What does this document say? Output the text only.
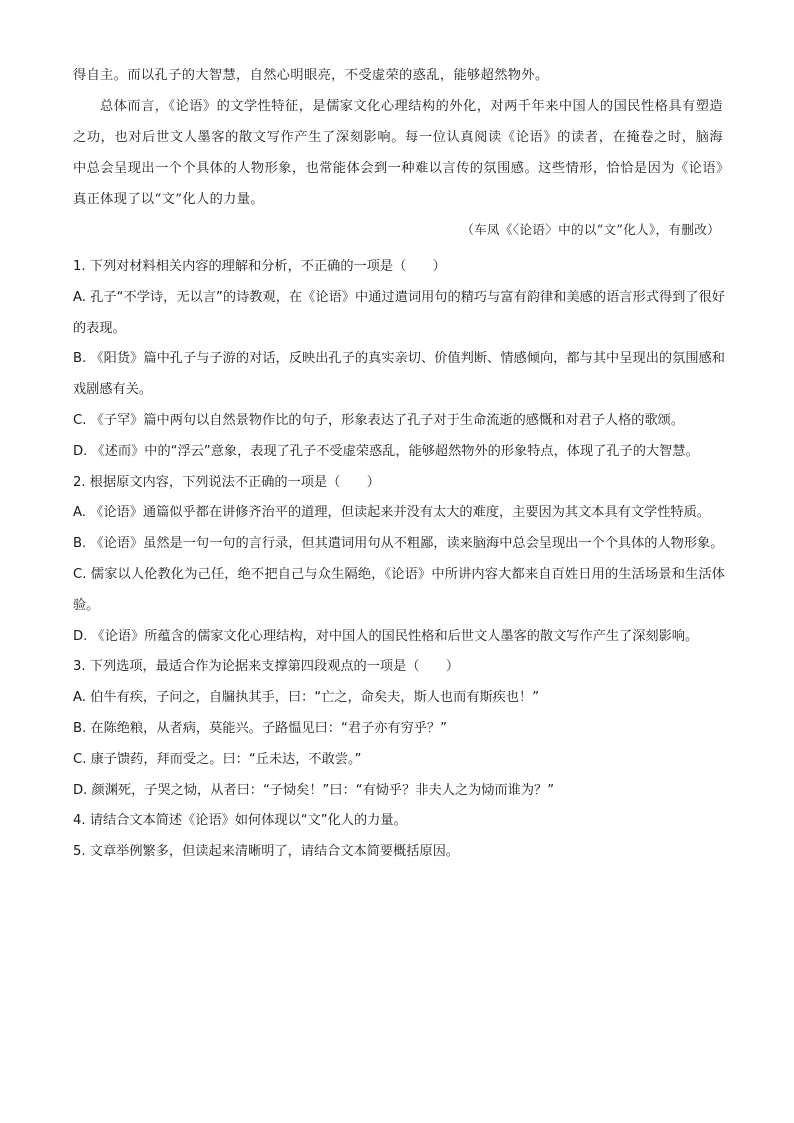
得自主。而以孔子的大智慧，自然心明眼亮，不受虚荣的惑乱，能够超然物外。

总体而言，《论语》的文学性特征，是儒家文化心理结构的外化，对两千年来中国人的国民性格具有塑造之功，也对后世文人墨客的散文写作产生了深刻影响。每一位认真阅读《论语》的读者，在掩卷之时，脑海中总会呈现出一个个具体的人物形象，也常能体会到一种难以言传的氛围感。这些情形，恰恰是因为《论语》真正体现了以“文”化人的力量。

（车凤《〈论语〉中的以“文”化人》，有删改）
1. 下列对材料相关内容的理解和分析，不正确的一项是（　　）
A. 孔子“不学诗，无以言”的诗教观，在《论语》中通过遣词用句的精巧与富有韵律和美感的语言形式得到了很好的表现。
B. 《阳货》篇中孔子与子游的对话，反映出孔子的真实亲切、价值判断、情感倾向，都与其中呈现出的氛围感和戏剧感有关。
C. 《子罕》篇中两句以自然景物作比的句子，形象表达了孔子对于生命流逝的感慨和对君子人格的歌颂。
D. 《述而》中的“浮云”意象，表现了孔子不受虚荣惑乱，能够超然物外的形象特点，体现了孔子的大智慧。
2. 根据原文内容，下列说法不正确的一项是（　　）
A. 《论语》通篇似乎都在讲修齐治平的道理，但读起来并没有太大的难度，主要因为其文本具有文学性特质。
B. 《论语》虽然是一句一句的言行录，但其遣词用句从不粗鄙，读来脑海中总会呈现出一个个具体的人物形象。
C. 儒家以人伦教化为己任，绝不把自己与众生隔绝，《论语》中所讲内容大都来自百姓日用的生活场景和生活体验。
D. 《论语》所蕴含的儒家文化心理结构，对中国人的国民性格和后世文人墨客的散文写作产生了深刻影响。
3. 下列选项，最适合作为论据来支撑第四段观点的一项是（　　）
A. 伯牛有疾，子问之，自牖执其手，曰：“亡之，命矣夫，斯人也而有斯疾也！”
B. 在陈绝粮，从者病，莫能兴。子路愠见曰：“君子亦有穷乎？”
C. 康子馈药，拜而受之。曰：“丘未达，不敢尝。”
D. 颜渊死，子哭之恸，从者曰：“子恸矣！”曰：“有恸乎？非夫人之为恸而谁为？”
4. 请结合文本简述《论语》如何体现以“文”化人的力量。
5. 文章举例繁多，但读起来清晰明了，请结合文本简要概括原因。
